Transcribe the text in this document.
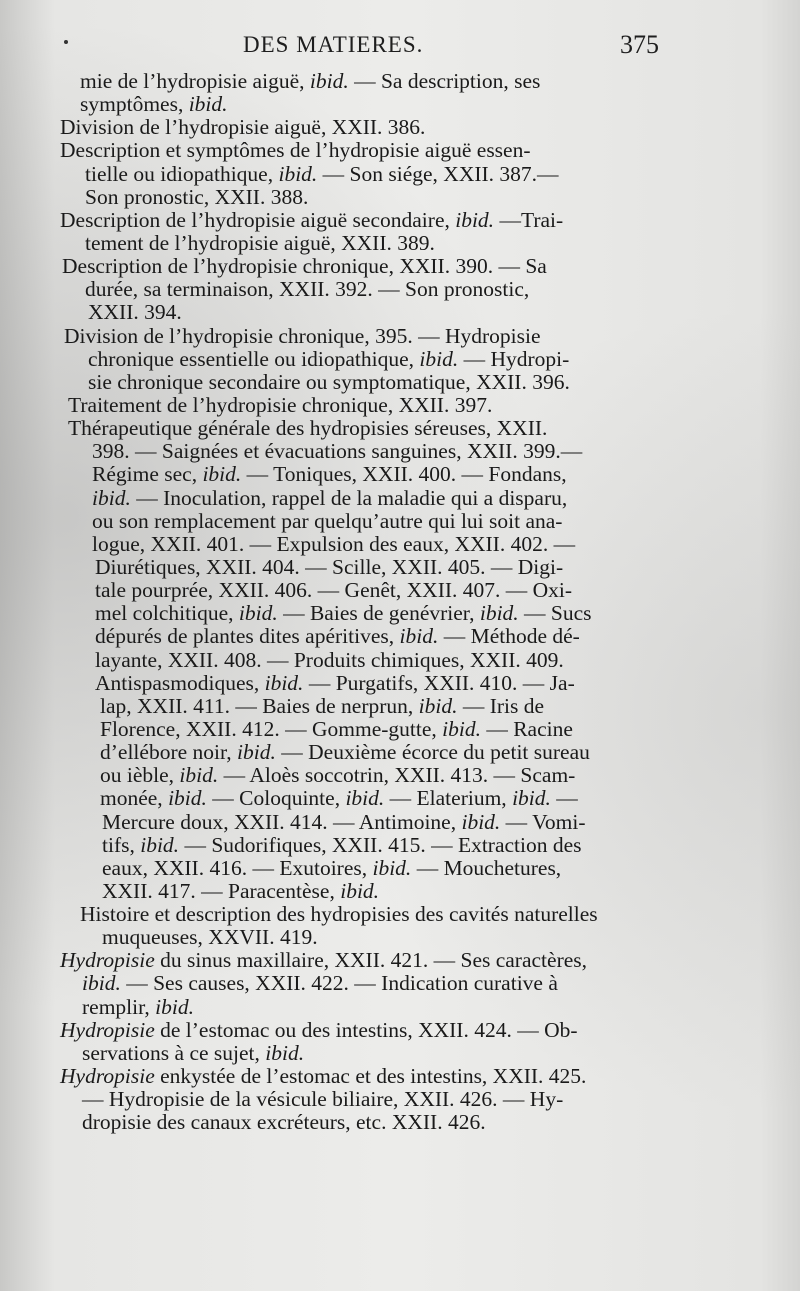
DES MATIERES.	375
mie de l’hydropisie aiguë, ibid. — Sa description, ses
symptômes, ibid.
Division de l’hydropisie aiguë, XXII. 386.
Description et symptômes de l’hydropisie aiguë essen-
tielle ou idiopathique, ibid. — Son siége, XXII. 387.—
Son pronostic, XXII. 388.
Description de l’hydropisie aiguë secondaire, ibid. —Trai-
tement de l’hydropisie aiguë, XXII. 389.
Description de l’hydropisie chronique, XXII. 390. — Sa
durée, sa terminaison, XXII. 392. — Son pronostic,
XXII. 394.
Division de l’hydropisie chronique, 395. — Hydropisie
chronique essentielle ou idiopathique, ibid. — Hydropi-
sie chronique secondaire ou symptomatique, XXII. 396.
Traitement de l’hydropisie chronique, XXII. 397.
Thérapeutique générale des hydropisies séreuses, XXII.
398. — Saignées et évacuations sanguines, XXII. 399.—
Régime sec, ibid. — Toniques, XXII. 400. — Fondans,
ibid. — Inoculation, rappel de la maladie qui a disparu,
ou son remplacement par quelqu’autre qui lui soit ana-
logue, XXII. 401. — Expulsion des eaux, XXII. 402. —
Diurétiques, XXII. 404. — Scille, XXII. 405. — Digi-
tale pourprée, XXII. 406. — Genêt, XXII. 407. — Oxi-
mel colchitique, ibid. — Baies de genévrier, ibid. — Sucs
dépurés de plantes dites apéritives, ibid. — Méthode dé-
layante, XXII. 408. — Produits chimiques, XXII. 409.
Antispasmodiques, ibid. — Purgatifs, XXII. 410. — Ja-
lap, XXII. 411. — Baies de nerprun, ibid. — Iris de
Florence, XXII. 412. — Gomme-gutte, ibid. — Racine
d’ellébore noir, ibid. — Deuxième écorce du petit sureau
ou ièble, ibid. — Aloès soccotrin, XXII. 413. — Scam-
monée, ibid. — Coloquinte, ibid. — Elaterium, ibid. —
Mercure doux, XXII. 414. — Antimoine, ibid. — Vomi-
tifs, ibid. — Sudorifiques, XXII. 415. — Extraction des
eaux, XXII. 416. — Exutoires, ibid. — Mouchetures,
XXII. 417. — Paracentèse, ibid.
Histoire et description des hydropisies des cavités naturelles
muqueuses, XXVII. 419.
Hydropisie du sinus maxillaire, XXII. 421. — Ses caractères,
ibid. — Ses causes, XXII. 422. — Indication curative à
remplir, ibid.
Hydropisie de l’estomac ou des intestins, XXII. 424. — Ob-
servations à ce sujet, ibid.
Hydropisie enkystée de l’estomac et des intestins, XXII. 425.
— Hydropisie de la vésicule biliaire, XXII. 426. — Hy-
dropisie des canaux excréteurs, etc. XXII. 426.
